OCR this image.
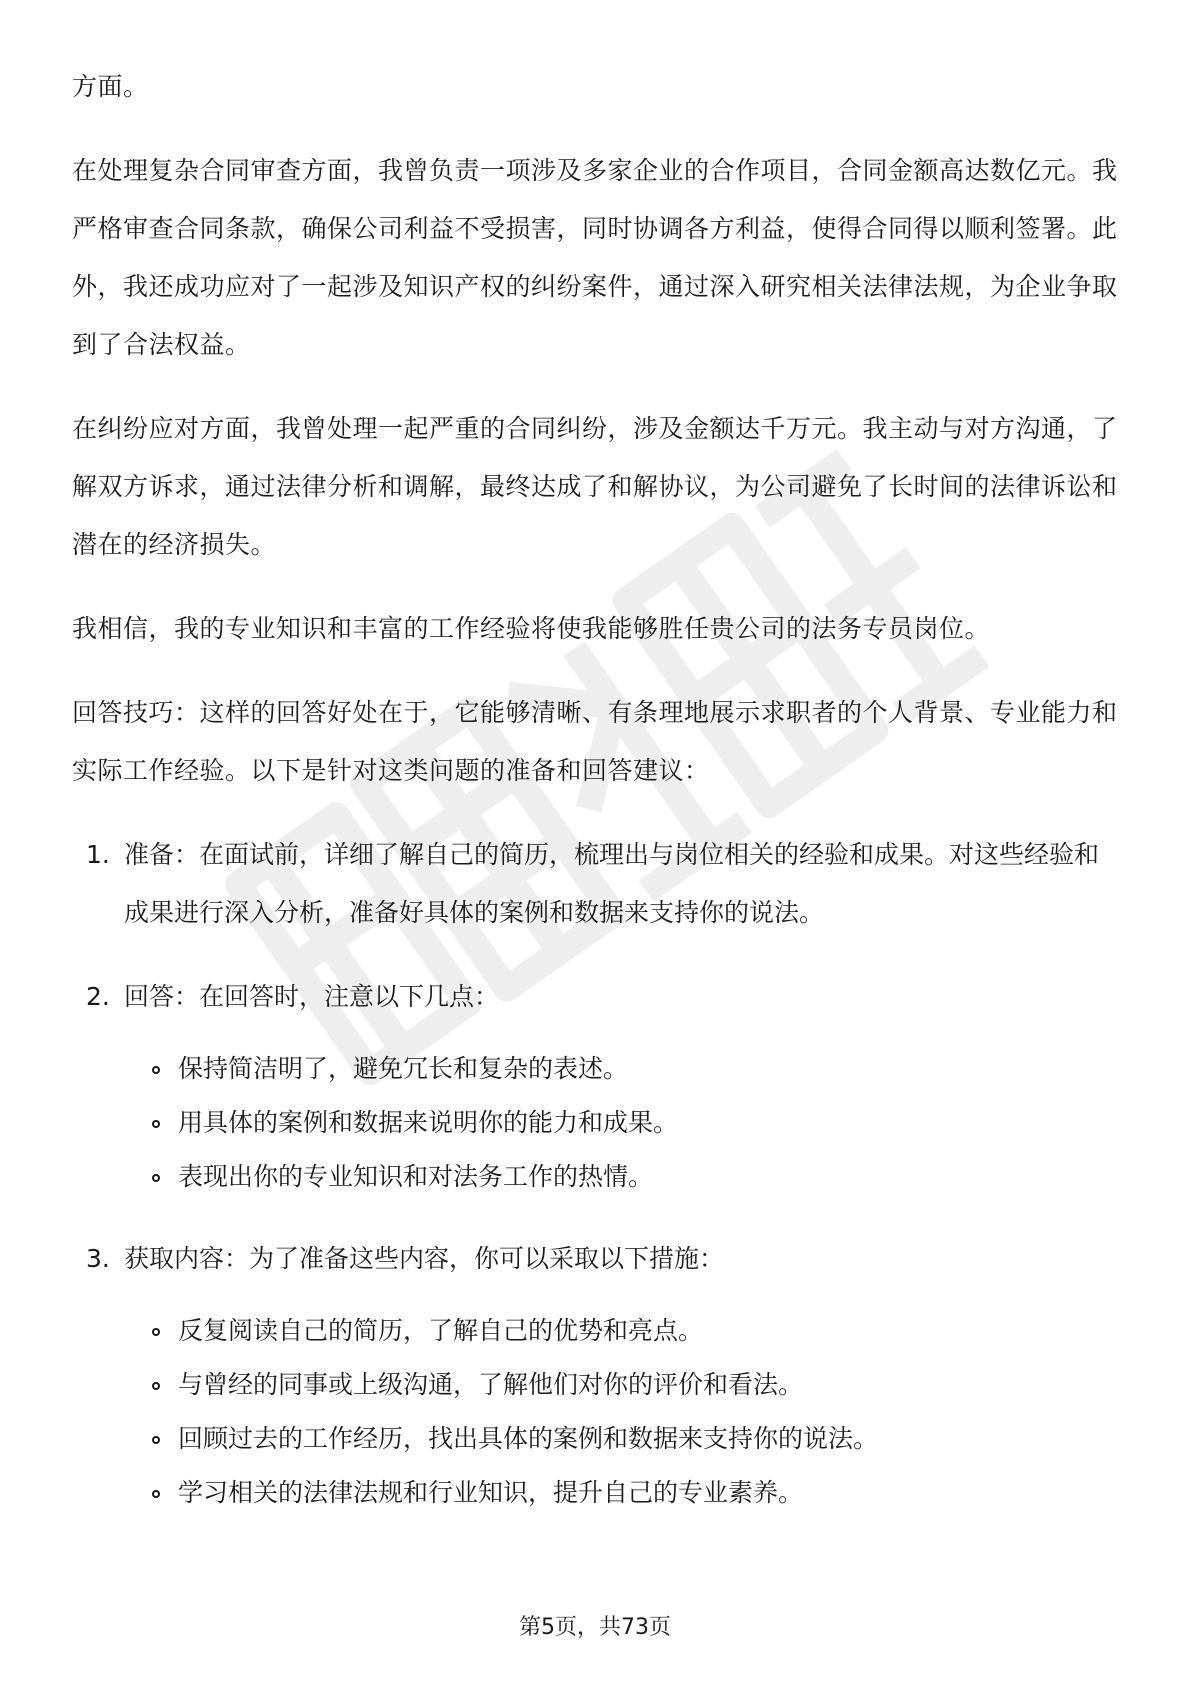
方面。

在处理复杂合同审查方面，我曾负责一项涉及多家企业的合作项目，合同金额高达数亿元。我严格审查合同条款，确保公司利益不受损害，同时协调各方利益，使得合同得以顺利签署。此外，我还成功应对了一起涉及知识产权的纠纷案件，通过深入研究相关法律法规，为企业争取到了合法权益。

在纠纷应对方面，我曾处理一起严重的合同纠纷，涉及金额达千万元。我主动与对方沟通，了解双方诉求，通过法律分析和调解，最终达成了和解协议，为公司避免了长时间的法律诉讼和潜在的经济损失。

我相信，我的专业知识和丰富的工作经验将使我能够胜任贵公司的法务专员岗位。

回答技巧：这样的回答好处在于，它能够清晰、有条理地展示求职者的个人背景、专业能力和实际工作经验。以下是针对这类问题的准备和回答建议：

1. 准备：在面试前，详细了解自己的简历，梳理出与岗位相关的经验和成果。对这些经验和成果进行深入分析，准备好具体的案例和数据来支持你的说法。
2. 回答：在回答时，注意以下几点：
保持简洁明了，避免冗长和复杂的表述。
用具体的案例和数据来说明你的能力和成果。
表现出你的专业知识和对法务工作的热情。
3. 获取内容：为了准备这些内容，你可以采取以下措施：
反复阅读自己的简历，了解自己的优势和亮点。
与曾经的同事或上级沟通，了解他们对你的评价和看法。
回顾过去的工作经历，找出具体的案例和数据来支持你的说法。
学习相关的法律法规和行业知识，提升自己的专业素养。
第5页，共73页
